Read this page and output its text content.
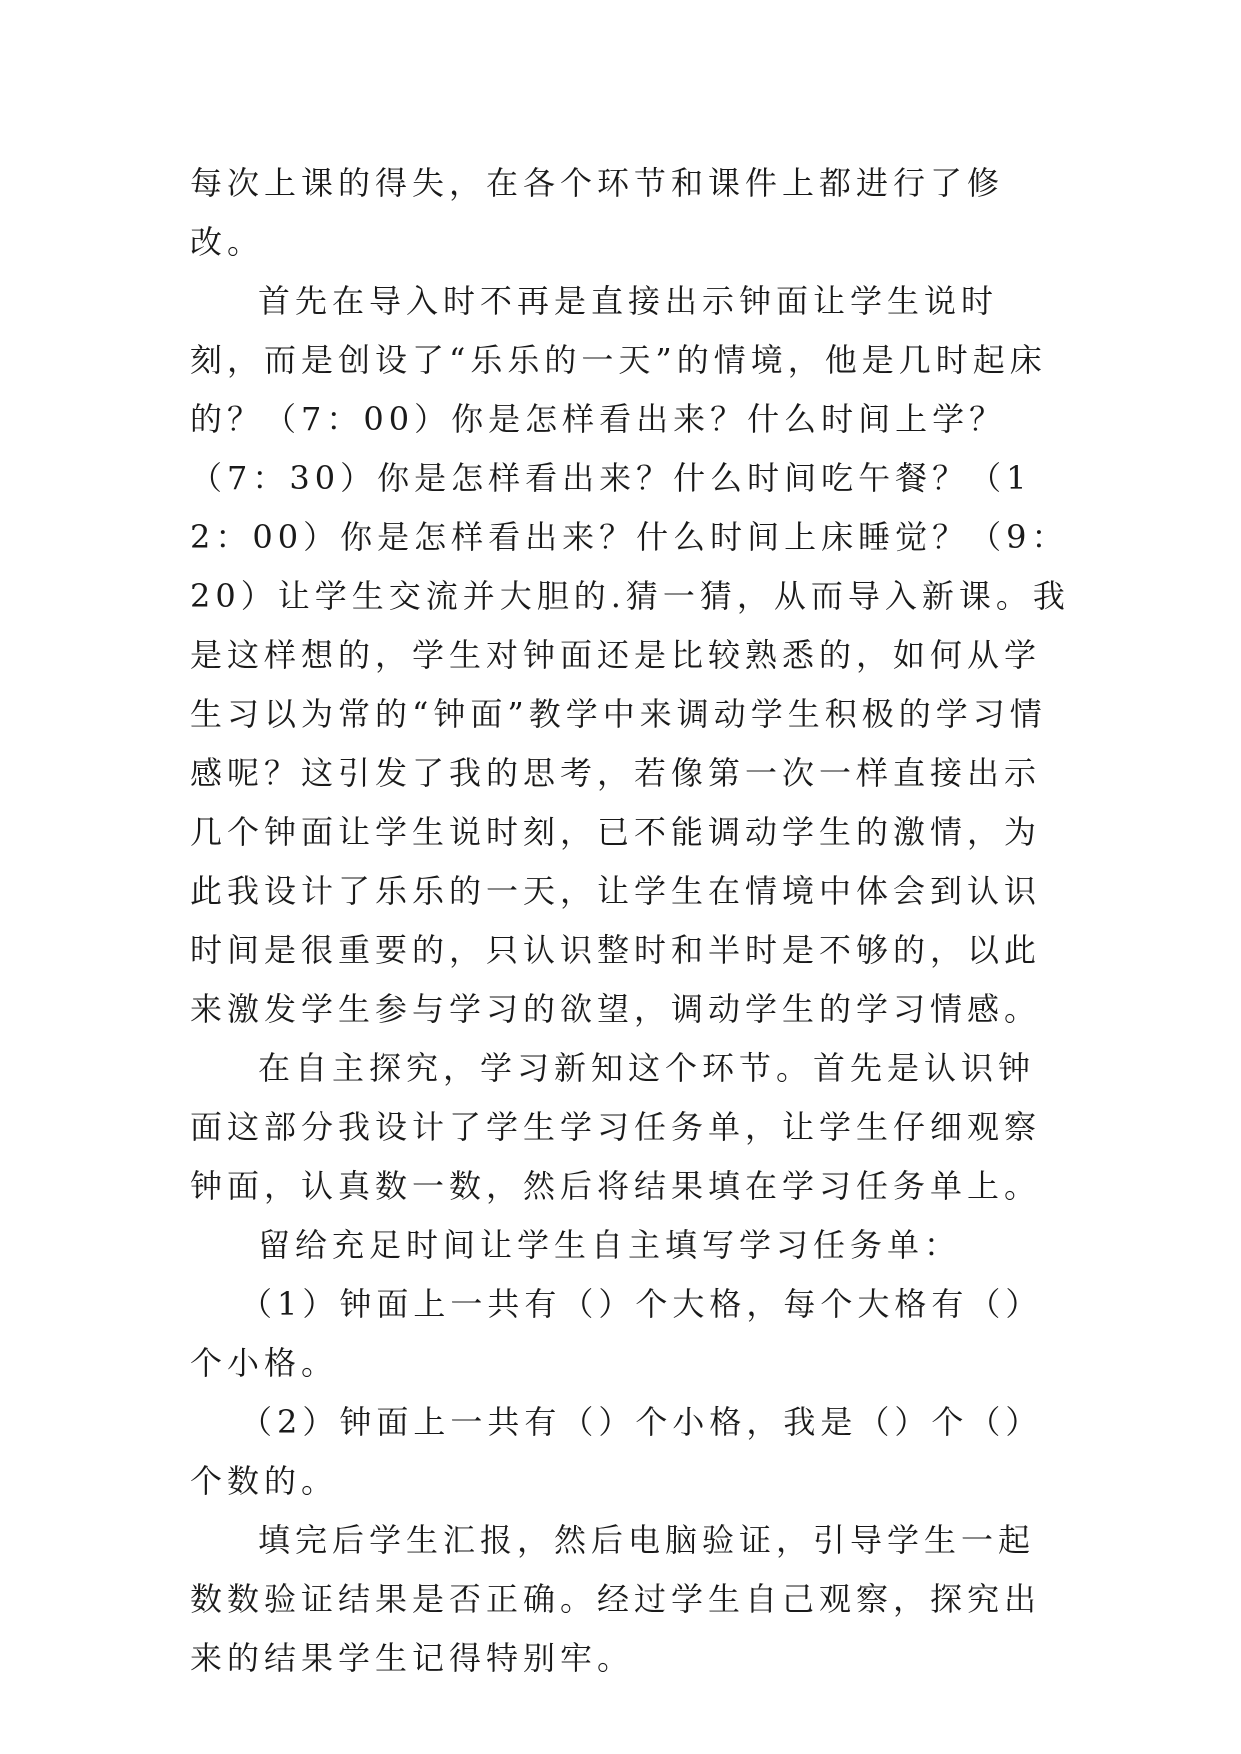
每次上课的得失，在各个环节和课件上都进行了修改。

首先在导入时不再是直接出示钟面让学生说时刻，而是创设了“乐乐的一天”的情境，他是几时起床的？（7：00）你是怎样看出来？什么时间上学？（7：30）你是怎样看出来？什么时间吃午餐？（12：00）你是怎样看出来？什么时间上床睡觉？（9：20）让学生交流并大胆的.猜一猜，从而导入新课。我是这样想的，学生对钟面还是比较熟悉的，如何从学生习以为常的“钟面”教学中来调动学生积极的学习情感呢？这引发了我的思考，若像第一次一样直接出示几个钟面让学生说时刻，已不能调动学生的激情，为此我设计了乐乐的一天，让学生在情境中体会到认识时间是很重要的，只认识整时和半时是不够的，以此来激发学生参与学习的欲望，调动学生的学习情感。

在自主探究，学习新知这个环节。首先是认识钟面这部分我设计了学生学习任务单，让学生仔细观察钟面，认真数一数，然后将结果填在学习任务单上。

留给充足时间让学生自主填写学习任务单：

（1）钟面上一共有（）个大格，每个大格有（）个小格。

（2）钟面上一共有（）个小格，我是（）个（）个数的。

填完后学生汇报，然后电脑验证，引导学生一起数数验证结果是否正确。经过学生自己观察，探究出来的结果学生记得特别牢。
